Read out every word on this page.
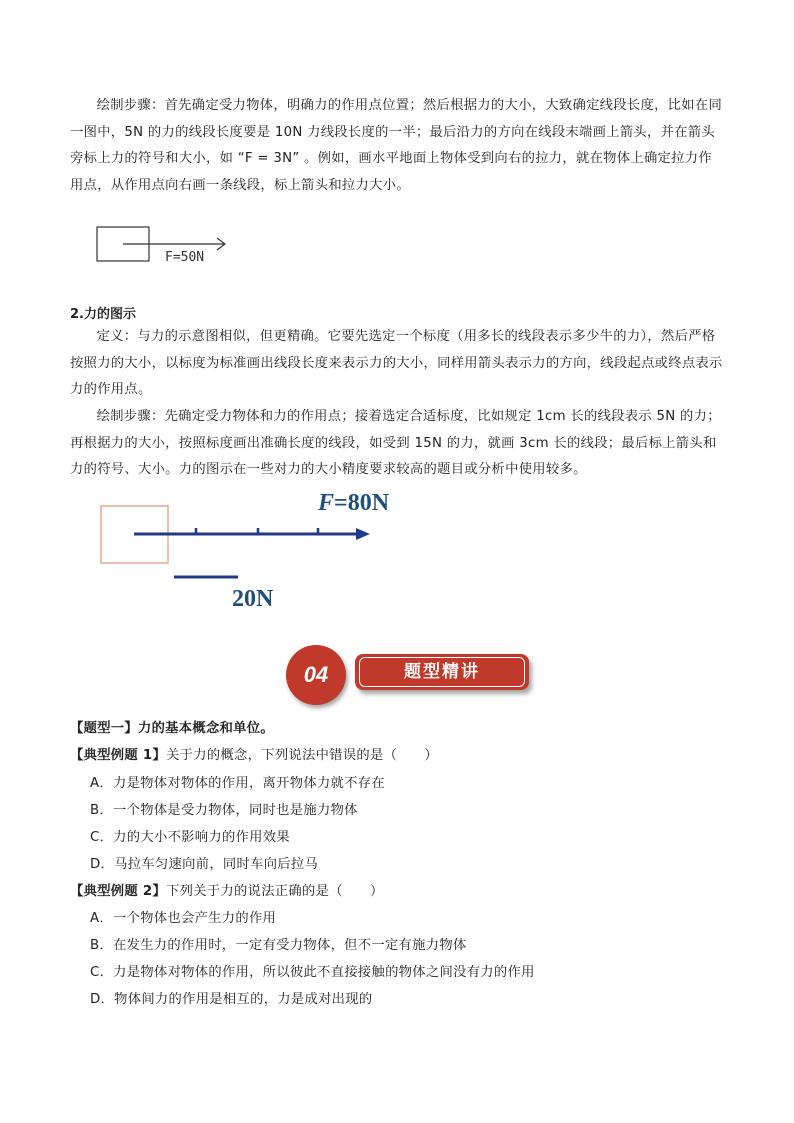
绘制步骤：首先确定受力物体，明确力的作用点位置；然后根据力的大小，大致确定线段长度，比如在同一图中，5N 的力的线段长度要是 10N 力线段长度的一半；最后沿力的方向在线段末端画上箭头，并在箭头旁标上力的符号和大小，如 “F = 3N” 。例如，画水平地面上物体受到向右的拉力，就在物体上确定拉力作用点，从作用点向右画一条线段，标上箭头和拉力大小。

F=50N

2.力的图示

定义：与力的示意图相似，但更精确。它要先选定一个标度（用多长的线段表示多少牛的力），然后严格按照力的大小，以标度为标准画出线段长度来表示力的大小，同样用箭头表示力的方向，线段起点或终点表示力的作用点。

绘制步骤：先确定受力物体和力的作用点；接着选定合适标度，比如规定 1cm 长的线段表示 5N 的力；再根据力的大小，按照标度画出准确长度的线段，如受到 15N 的力，就画 3cm 长的线段；最后标上箭头和力的符号、大小。力的图示在一些对力的大小精度要求较高的题目或分析中使用较多。

F=80N
20N
04	题型精讲

【题型一】力的基本概念和单位。

【典型例题 1】关于力的概念，下列说法中错误的是（　　）

A．力是物体对物体的作用，离开物体力就不存在

B．一个物体是受力物体，同时也是施力物体

C．力的大小不影响力的作用效果

D．马拉车匀速向前，同时车向后拉马

【典型例题 2】下列关于力的说法正确的是（　　）

A．一个物体也会产生力的作用

B．在发生力的作用时，一定有受力物体，但不一定有施力物体

C．力是物体对物体的作用，所以彼此不直接接触的物体之间没有力的作用

D．物体间力的作用是相互的，力是成对出现的
